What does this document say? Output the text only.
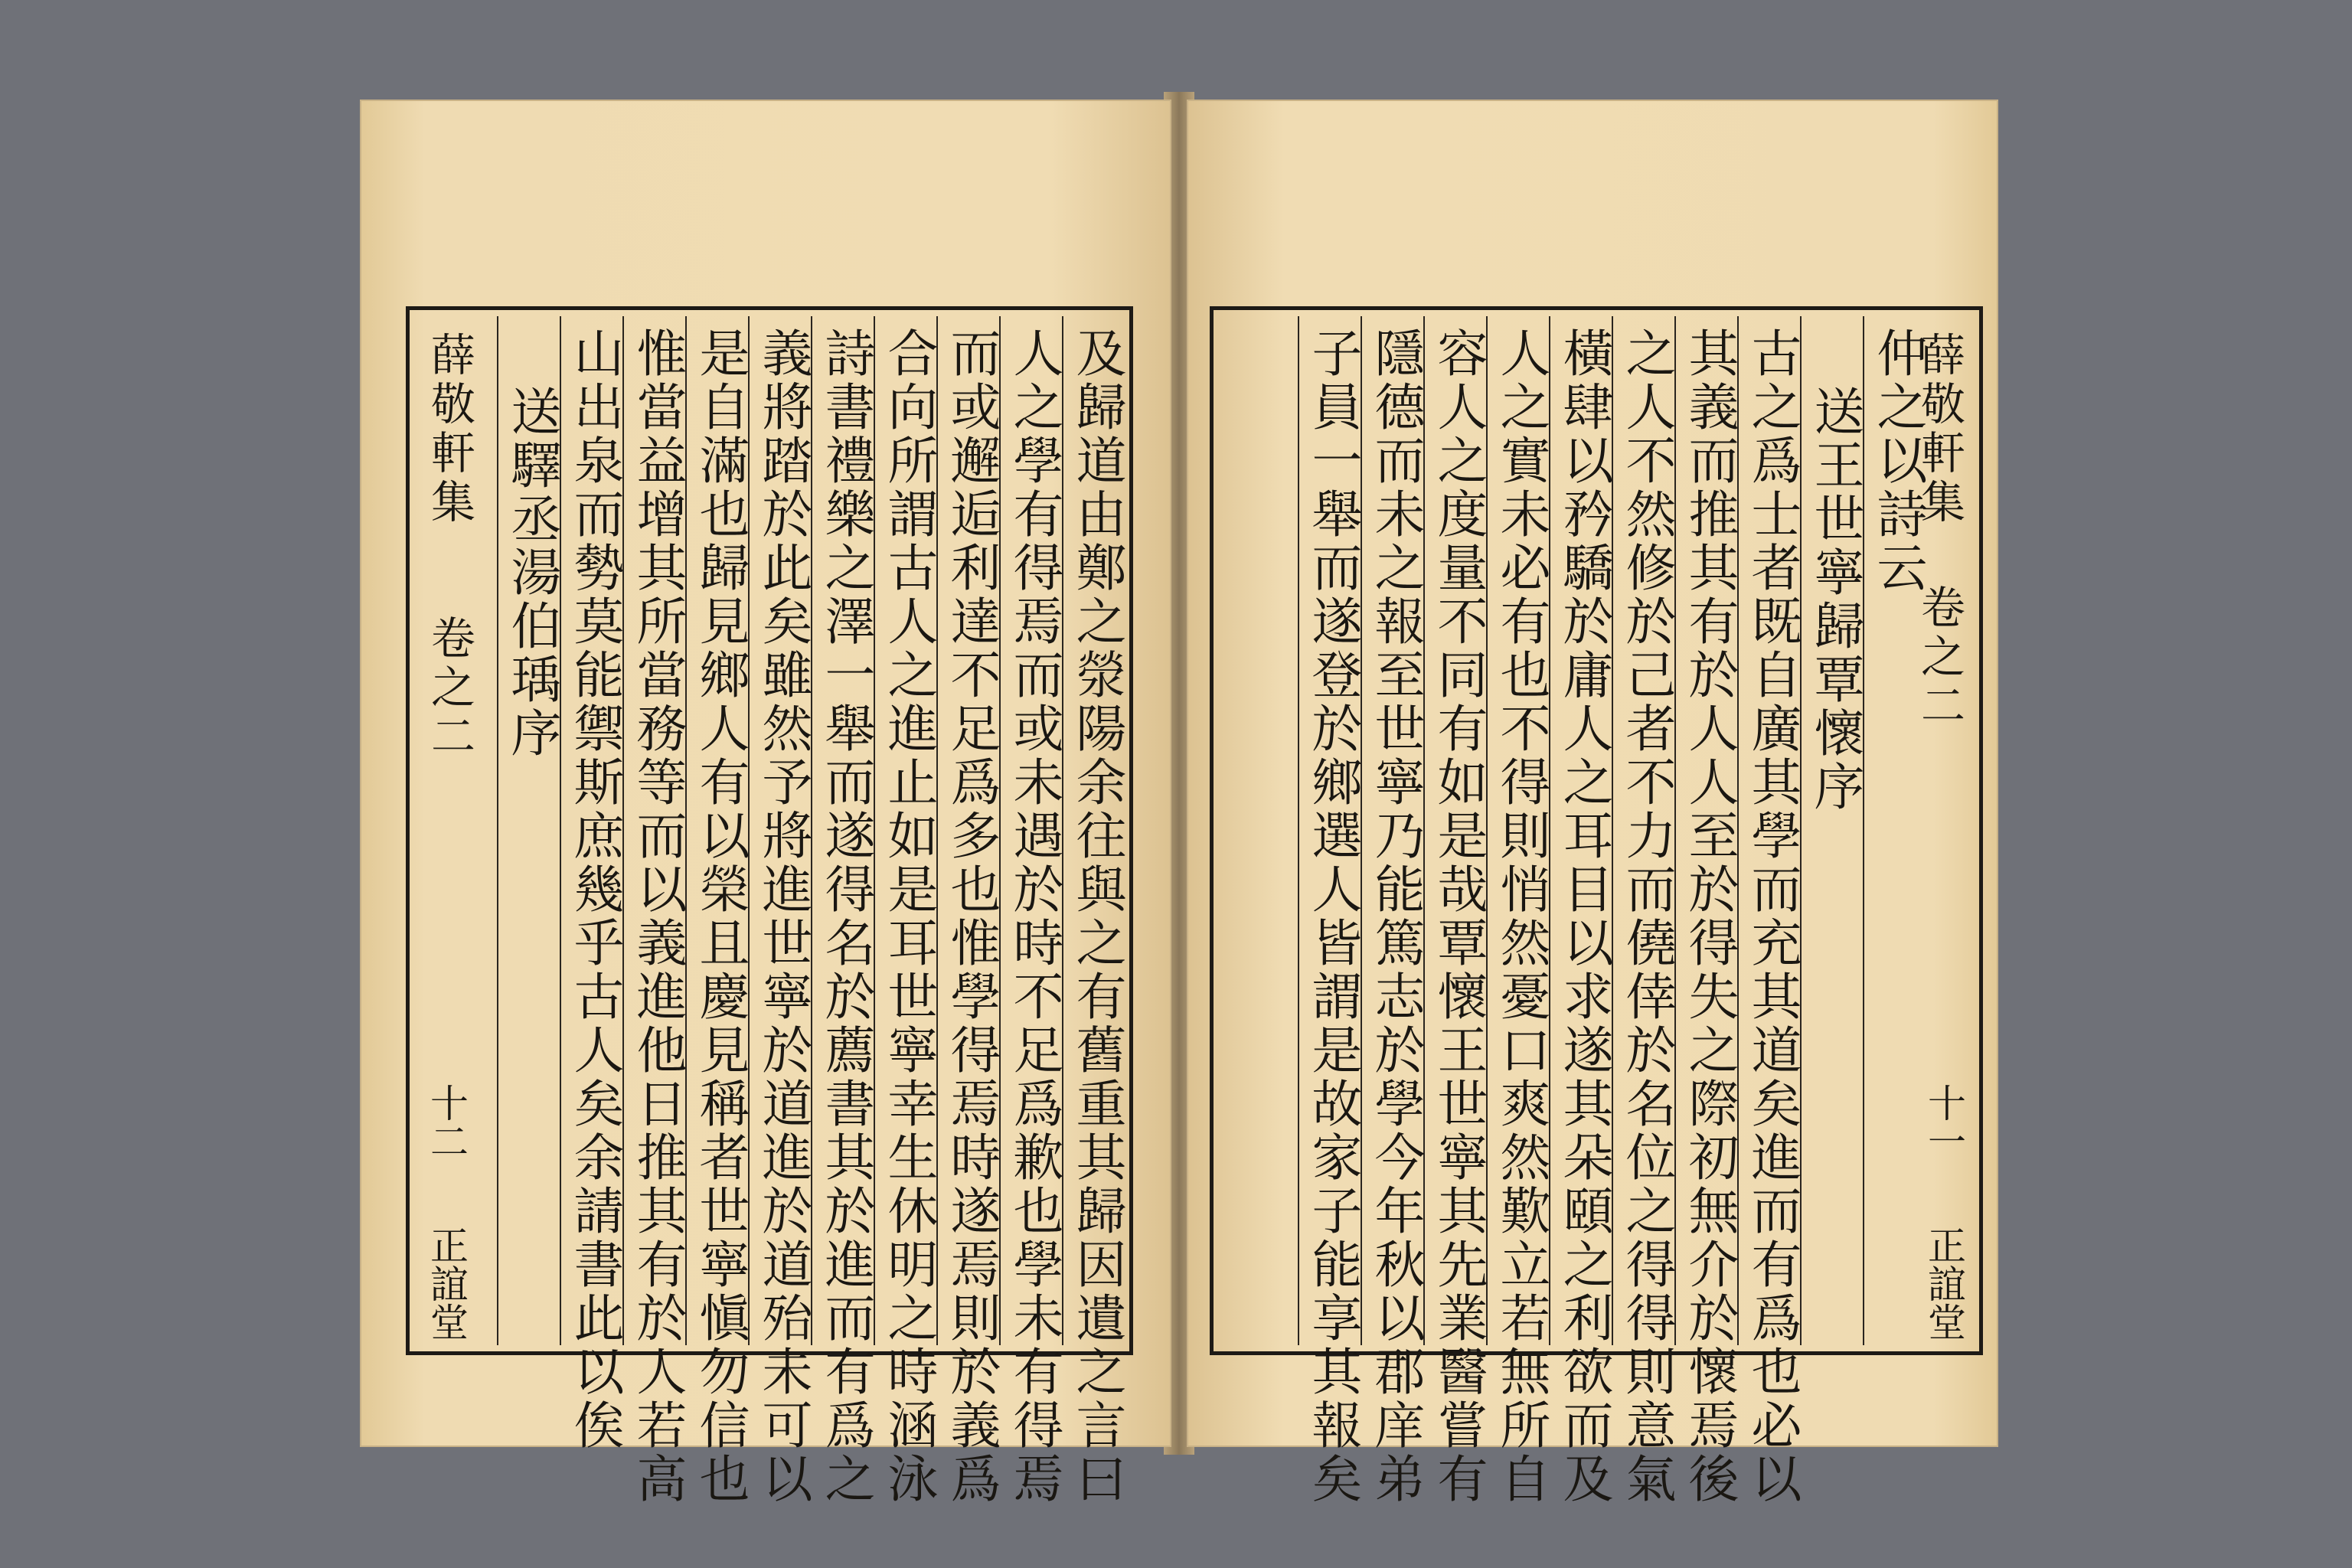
及歸道由鄭之滎陽余往與之有舊重其歸因遺之言曰
人之學有得焉而或未遇於時不足爲歉也學未有得焉
而或邂逅利達不足爲多也惟學得焉時遂焉則於義爲
合向所謂古人之進止如是耳世寧幸生休明之時涵泳
詩書禮樂之澤一舉而遂得名於薦書其於進而有爲之
義將踏於此矣雖然予將進世寧於道進於道殆未可以
是自滿也歸見鄉人有以榮且慶見稱者世寧愼勿信也
惟當益增其所當務等而以義進他日推其有於人若高
山出泉而勢莫能禦斯庶幾乎古人矣余請書此以俟
送驛丞湯伯瑀序
薛敬軒集 卷之二
十二
正誼堂
薛敬軒集 卷之二
十一
正誼堂
仲之以詩云
送王世寧歸覃懷序
古之爲士者既自廣其學而充其道矣進而有爲也必以
其義而推其有於人人至於得失之際初無介於懷焉後
之人不然修於己者不力而僥倖於名位之得得則意氣
橫肆以矜驕於庸人之耳目以求遂其朵頤之利欲而及
人之實未必有也不得則悄然憂口爽然歎立若無所自
容人之度量不同有如是哉覃懷王世寧其先業醫嘗有
隱德而未之報至世寧乃能篤志於學今年秋以郡庠弟
子員一舉而遂登於鄉選人皆謂是故家子能享其報矣
